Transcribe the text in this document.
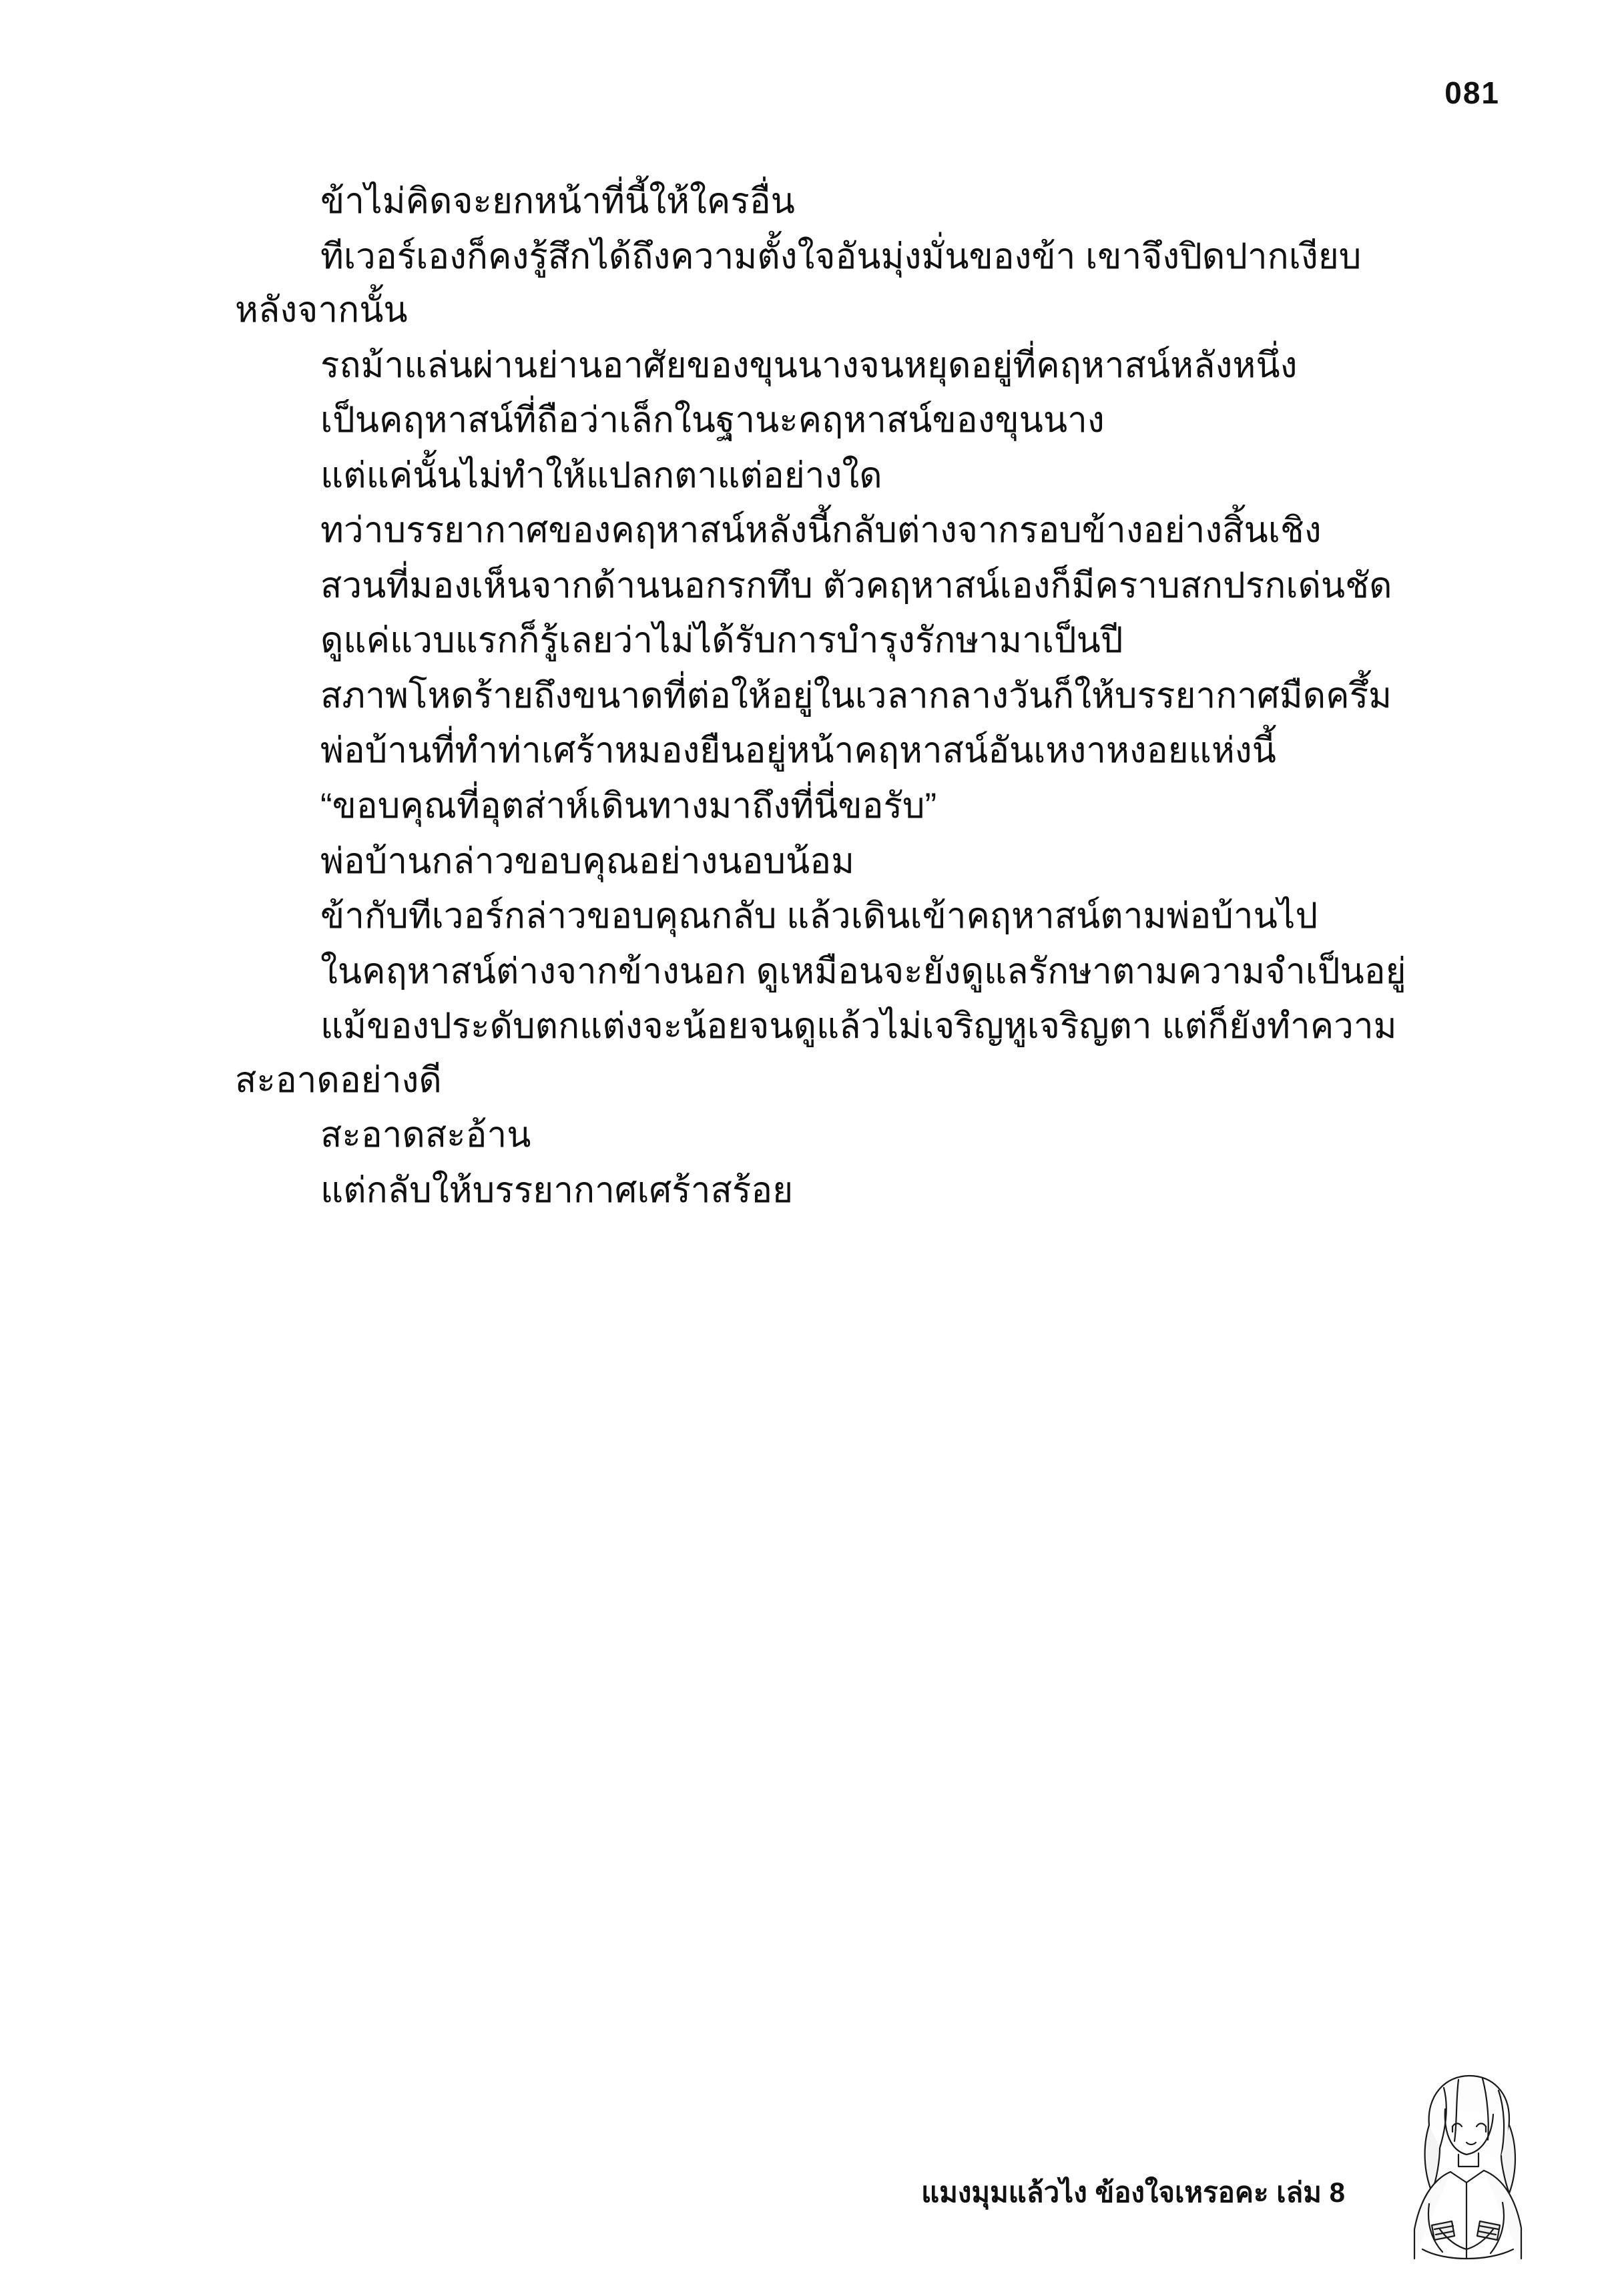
081

ข้าไม่คิดจะยกหน้าที่นี้ให้ใครอื่น

ทีเวอร์เองก็คงรู้สึกได้ถึงความตั้งใจอันมุ่งมั่นของข้า เขาจึงปิดปากเงียบหลังจากนั้น

รถม้าแล่นผ่านย่านอาศัยของขุนนางจนหยุดอยู่ที่คฤหาสน์หลังหนึ่ง

เป็นคฤหาสน์ที่ถือว่าเล็กในฐานะคฤหาสน์ของขุนนาง

แต่แค่นั้นไม่ทำให้แปลกตาแต่อย่างใด

ทว่าบรรยากาศของคฤหาสน์หลังนี้กลับต่างจากรอบข้างอย่างสิ้นเชิง

สวนที่มองเห็นจากด้านนอกรกทึบ ตัวคฤหาสน์เองก็มีคราบสกปรกเด่นชัด

ดูแค่แวบแรกก็รู้เลยว่าไม่ได้รับการบำรุงรักษามาเป็นปี

สภาพโหดร้ายถึงขนาดที่ต่อให้อยู่ในเวลากลางวันก็ให้บรรยากาศมืดครึ้ม

พ่อบ้านที่ทำท่าเศร้าหมองยืนอยู่หน้าคฤหาสน์อันเหงาหงอยแห่งนี้

“ขอบคุณที่อุตส่าห์เดินทางมาถึงที่นี่ขอรับ”

พ่อบ้านกล่าวขอบคุณอย่างนอบน้อม

ข้ากับทีเวอร์กล่าวขอบคุณกลับ แล้วเดินเข้าคฤหาสน์ตามพ่อบ้านไป

ในคฤหาสน์ต่างจากข้างนอก ดูเหมือนจะยังดูแลรักษาตามความจำเป็นอยู่

แม้ของประดับตกแต่งจะน้อยจนดูแล้วไม่เจริญหูเจริญตา แต่ก็ยังทำความสะอาดอย่างดี

สะอาดสะอ้าน

แต่กลับให้บรรยากาศเศร้าสร้อย

แมงมุมแล้วไง ข้องใจเหรอคะ เล่ม 8
